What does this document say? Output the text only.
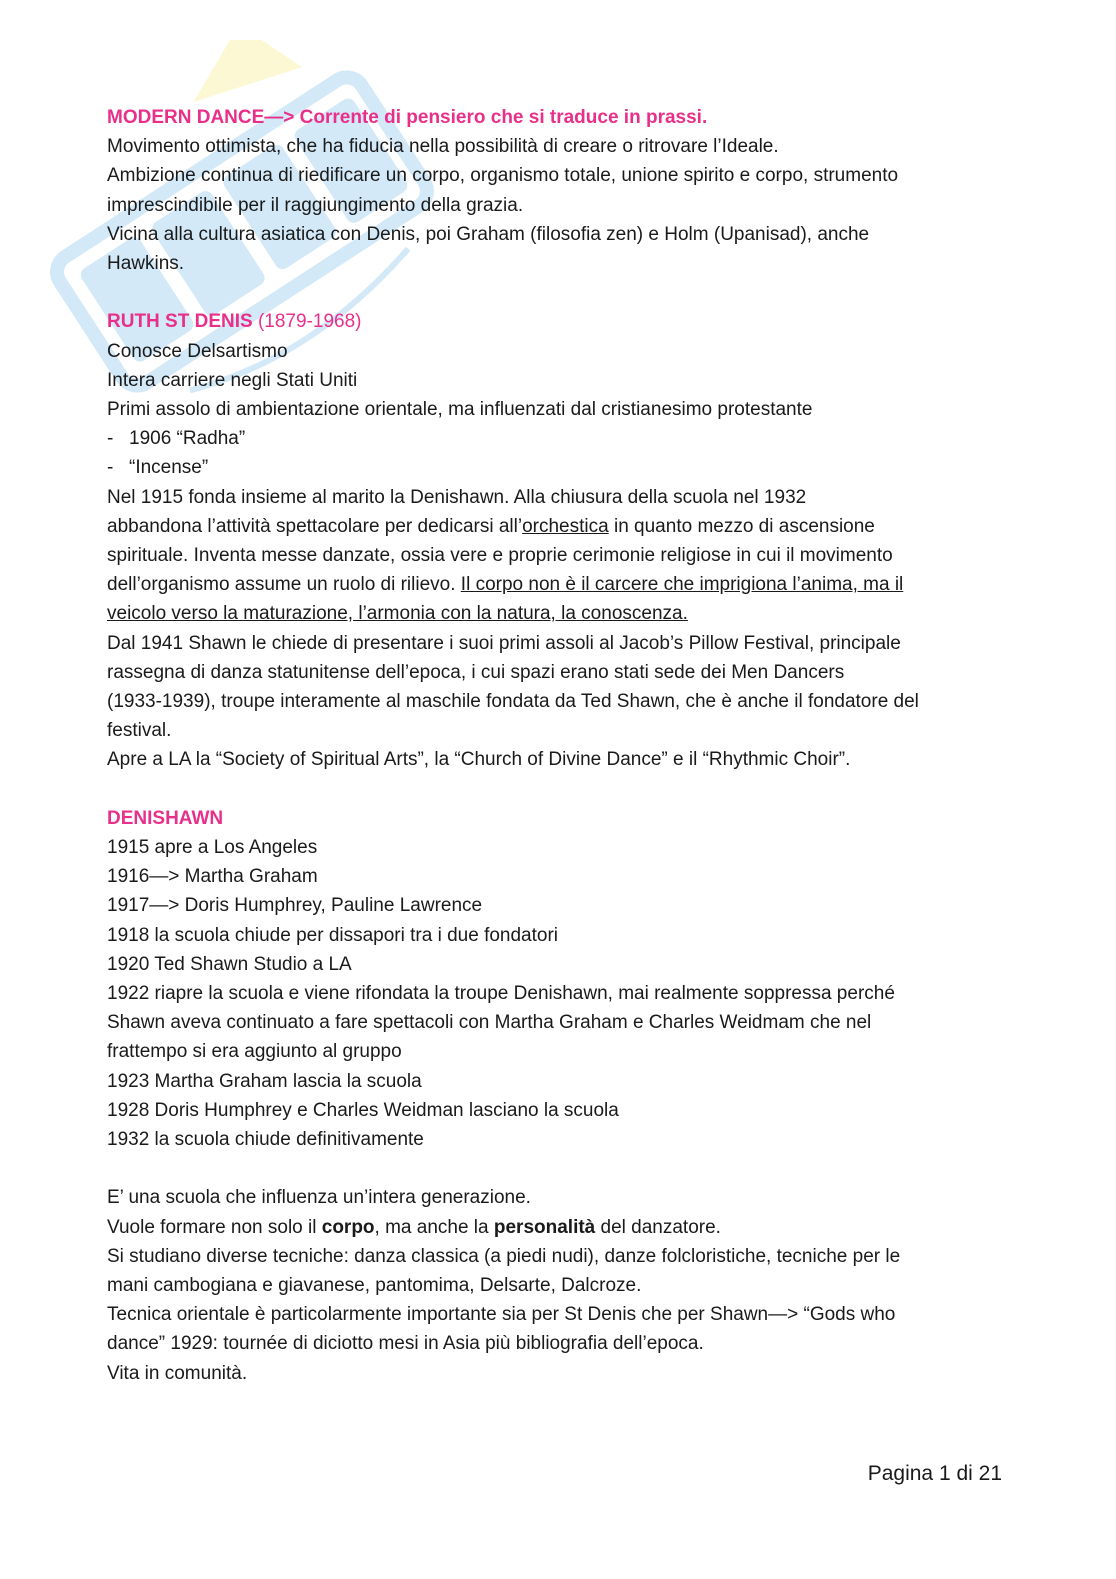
MODERN DANCE—> Corrente di pensiero che si traduce in prassi.

Movimento ottimista, che ha fiducia nella possibilità di creare o ritrovare l’Ideale.

Ambizione continua di riedificare un corpo, organismo totale, unione spirito e corpo, strumento

imprescindibile per il raggiungimento della grazia.

Vicina alla cultura asiatica con Denis, poi Graham (filosofia zen) e Holm (Upanisad), anche

Hawkins.

RUTH ST DENIS (1879-1968)

Conosce Delsartismo

Intera carriere negli Stati Uniti

Primi assolo di ambientazione orientale, ma influenzati dal cristianesimo protestante

- 1906 “Radha”

- “Incense”

Nel 1915 fonda insieme al marito la Denishawn. Alla chiusura della scuola nel 1932

abbandona l’attività spettacolare per dedicarsi all’orchestica in quanto mezzo di ascensione

spirituale. Inventa messe danzate, ossia vere e proprie cerimonie religiose in cui il movimento

dell’organismo assume un ruolo di rilievo. Il corpo non è il carcere che imprigiona l’anima, ma il

veicolo verso la maturazione, l’armonia con la natura, la conoscenza.

Dal 1941 Shawn le chiede di presentare i suoi primi assoli al Jacob’s Pillow Festival, principale

rassegna di danza statunitense dell’epoca, i cui spazi erano stati sede dei Men Dancers

(1933-1939), troupe interamente al maschile fondata da Ted Shawn, che è anche il fondatore del

festival.

Apre a LA la “Society of Spiritual Arts”, la “Church of Divine Dance” e il “Rhythmic Choir”.

DENISHAWN

1915 apre a Los Angeles

1916—> Martha Graham

1917—> Doris Humphrey, Pauline Lawrence

1918 la scuola chiude per dissapori tra i due fondatori

1920 Ted Shawn Studio a LA

1922 riapre la scuola e viene rifondata la troupe Denishawn, mai realmente soppressa perché

Shawn aveva continuato a fare spettacoli con Martha Graham e Charles Weidmam che nel

frattempo si era aggiunto al gruppo

1923 Martha Graham lascia la scuola

1928 Doris Humphrey e Charles Weidman lasciano la scuola

1932 la scuola chiude definitivamente

E’ una scuola che influenza un’intera generazione.

Vuole formare non solo il corpo, ma anche la personalità del danzatore.

Si studiano diverse tecniche: danza classica (a piedi nudi), danze folcloristiche, tecniche per le

mani cambogiana e giavanese, pantomima, Delsarte, Dalcroze.

Tecnica orientale è particolarmente importante sia per St Denis che per Shawn—> “Gods who

dance” 1929: tournée di diciotto mesi in Asia più bibliografia dell’epoca.

Vita in comunità.

Pagina 1 di 21
